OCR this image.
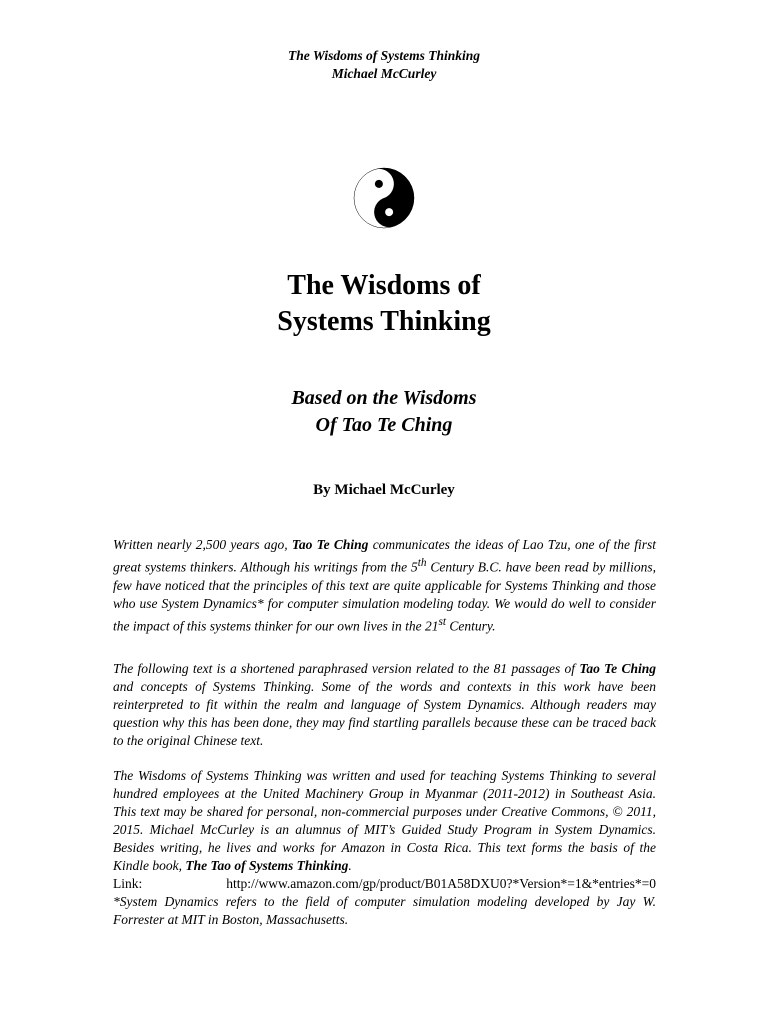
The Wisdoms of Systems Thinking
Michael McCurley
The Wisdoms of
Systems Thinking
Based on the Wisdoms
Of Tao Te Ching
By Michael McCurley

Written nearly 2,500 years ago, Tao Te Ching communicates the ideas of Lao Tzu, one of the first great systems thinkers. Although his writings from the 5th Century B.C. have been read by millions, few have noticed that the principles of this text are quite applicable for Systems Thinking and those who use System Dynamics* for computer simulation modeling today. We would do well to consider the impact of this systems thinker for our own lives in the 21st Century.

The following text is a shortened paraphrased version related to the 81 passages of Tao Te Ching and concepts of Systems Thinking. Some of the words and contexts in this work have been reinterpreted to fit within the realm and language of System Dynamics. Although readers may question why this has been done, they may find startling parallels because these can be traced back to the original Chinese text.

The Wisdoms of Systems Thinking was written and used for teaching Systems Thinking to several hundred employees at the United Machinery Group in Myanmar (2011-2012) in Southeast Asia. This text may be shared for personal, non-commercial purposes under Creative Commons, © 2011, 2015. Michael McCurley is an alumnus of MIT’s Guided Study Program in System Dynamics. Besides writing, he lives and works for Amazon in Costa Rica. This text forms the basis of the Kindle book, The Tao of Systems Thinking.

Link:	http://www.amazon.com/gp/product/B01A58DXU0?*Version*=1&*entries*=0
*System Dynamics refers to the field of computer simulation modeling developed by Jay W. Forrester at MIT in Boston, Massachusetts.
